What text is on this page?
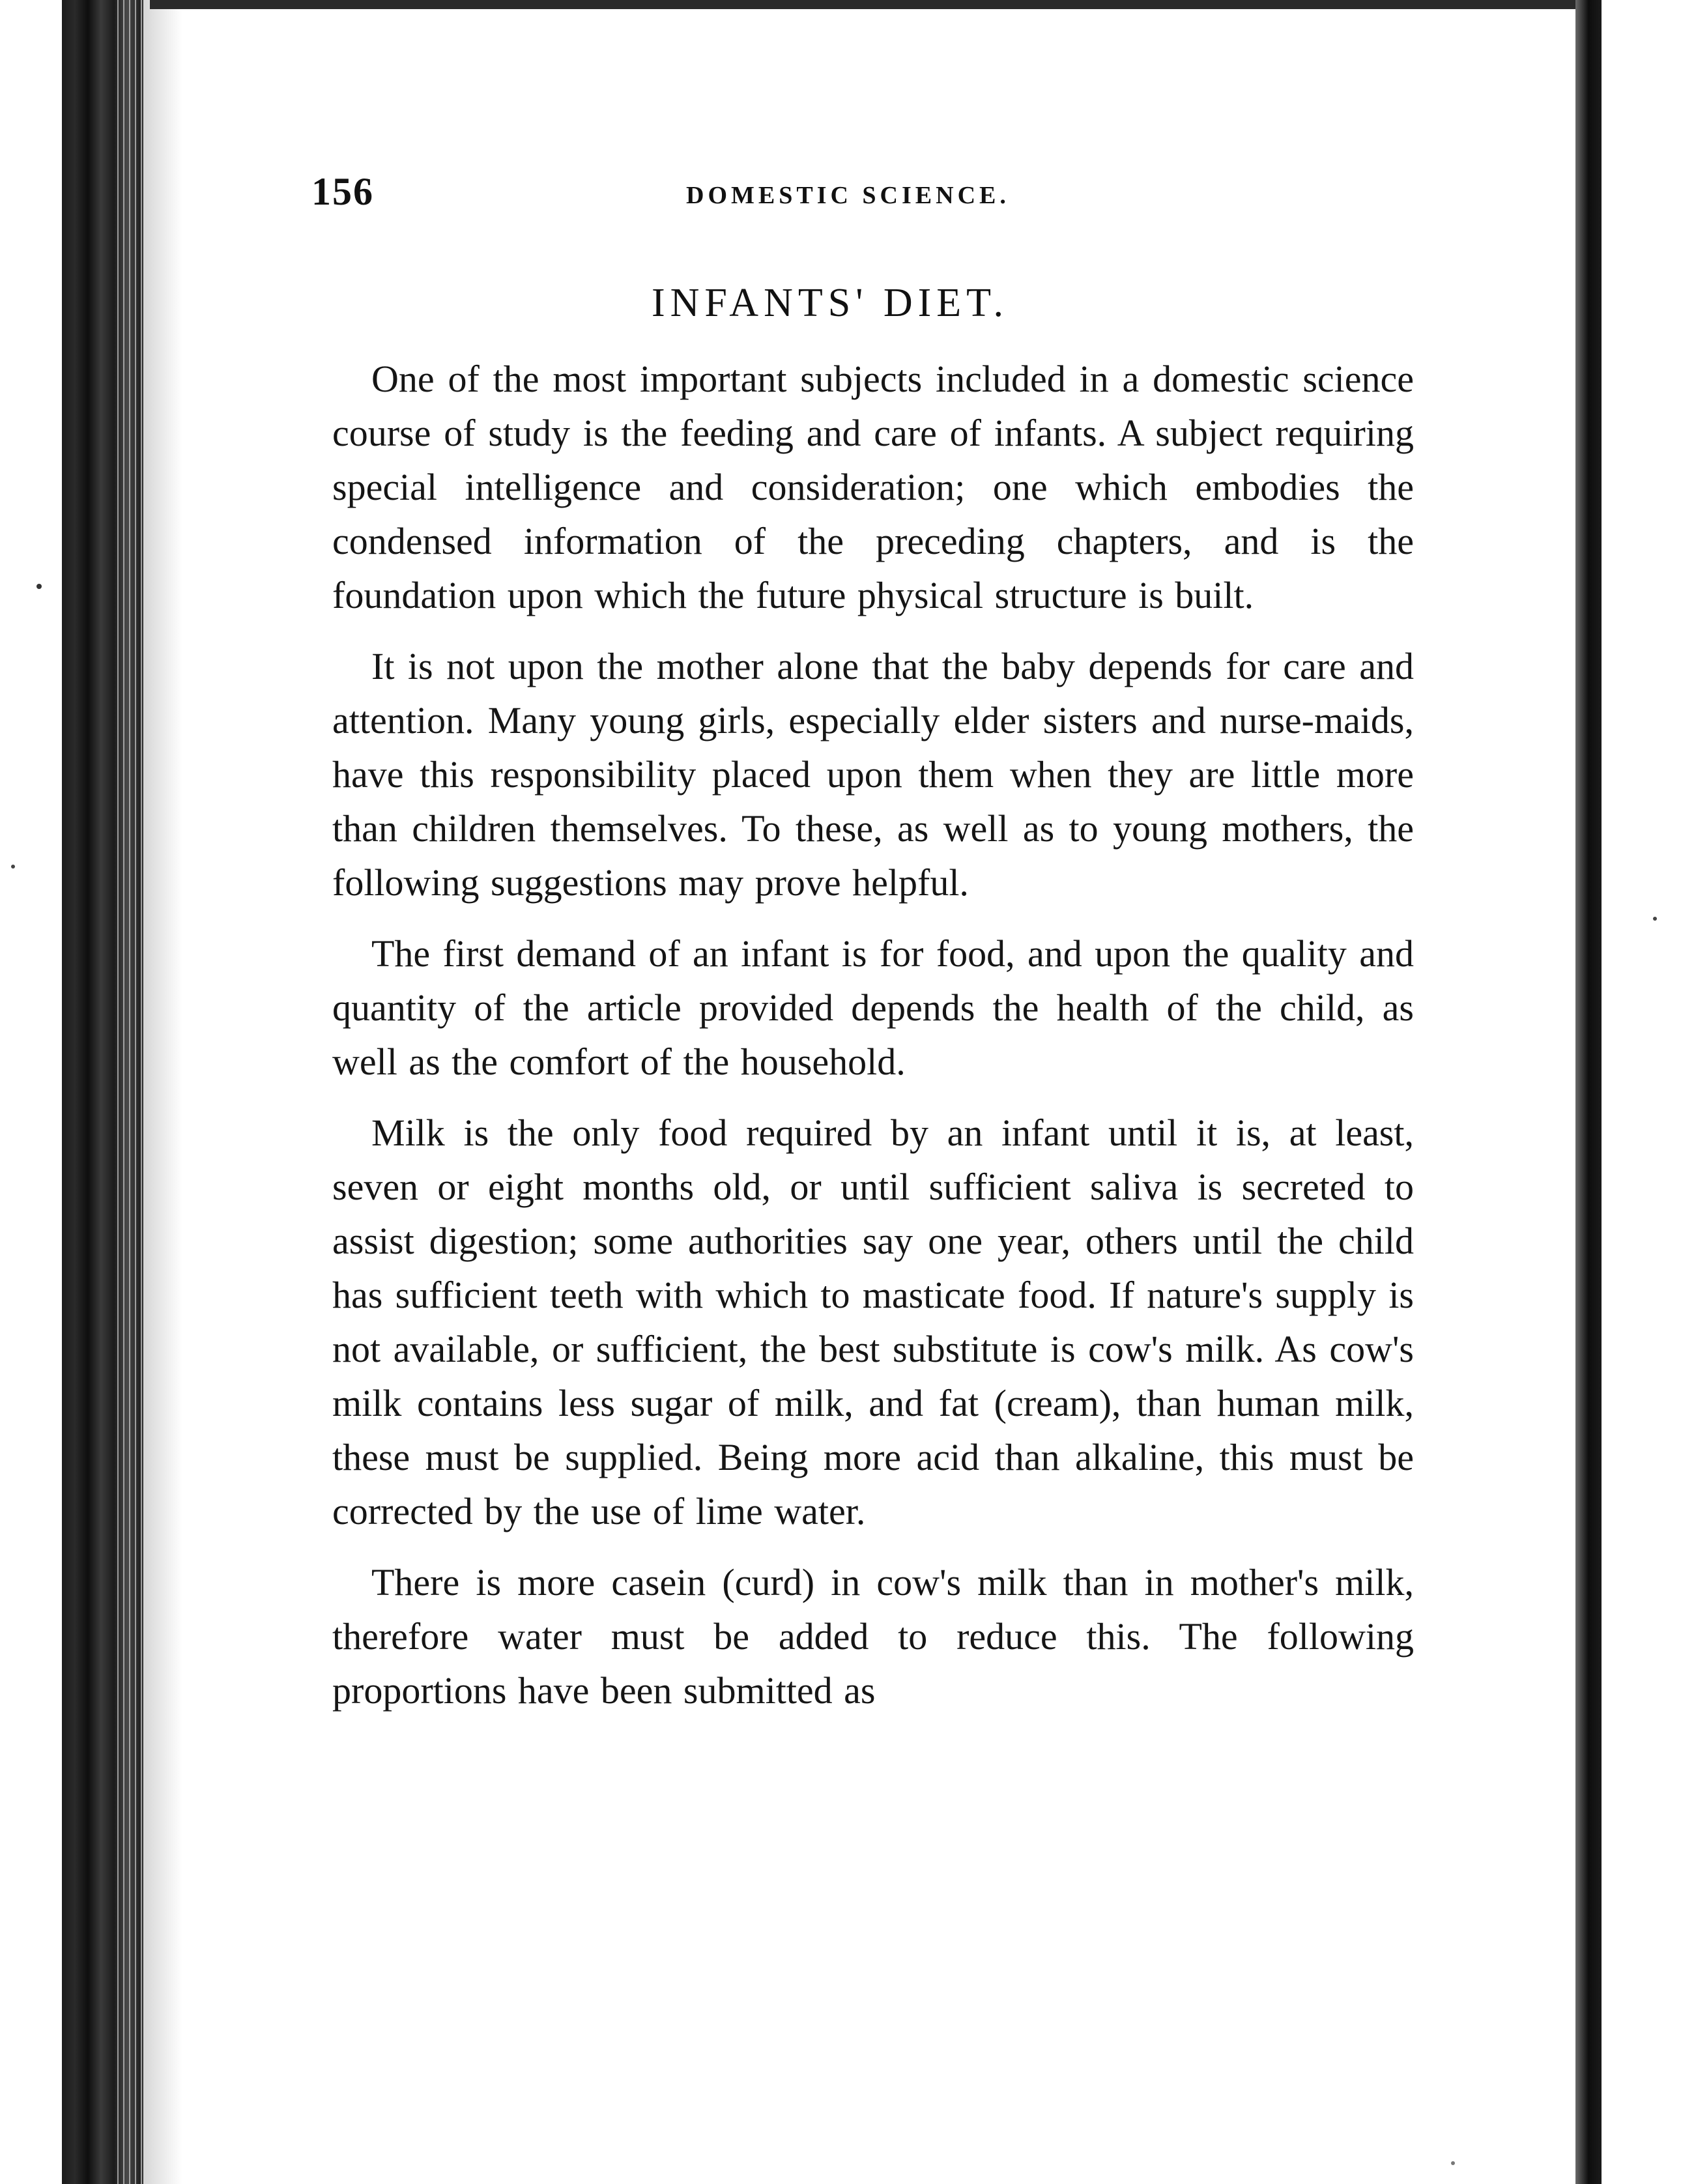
156	DOMESTIC SCIENCE.
INFANTS' DIET.

One of the most important subjects included in a domestic science course of study is the feeding and care of infants. A subject requiring special intelligence and consideration; one which embodies the condensed information of the preceding chapters, and is the foundation upon which the future physical structure is built.

It is not upon the mother alone that the baby depends for care and attention. Many young girls, especially elder sisters and nurse-maids, have this responsibility placed upon them when they are little more than children themselves. To these, as well as to young mothers, the following suggestions may prove helpful.

The first demand of an infant is for food, and upon the quality and quantity of the article provided depends the health of the child, as well as the comfort of the household.

Milk is the only food required by an infant until it is, at least, seven or eight months old, or until sufficient saliva is secreted to assist digestion; some authorities say one year, others until the child has sufficient teeth with which to masticate food. If nature's supply is not available, or sufficient, the best substitute is cow's milk. As cow's milk contains less sugar of milk, and fat (cream), than human milk, these must be supplied. Being more acid than alkaline, this must be corrected by the use of lime water.

There is more casein (curd) in cow's milk than in mother's milk, therefore water must be added to reduce this. The following proportions have been submitted as
